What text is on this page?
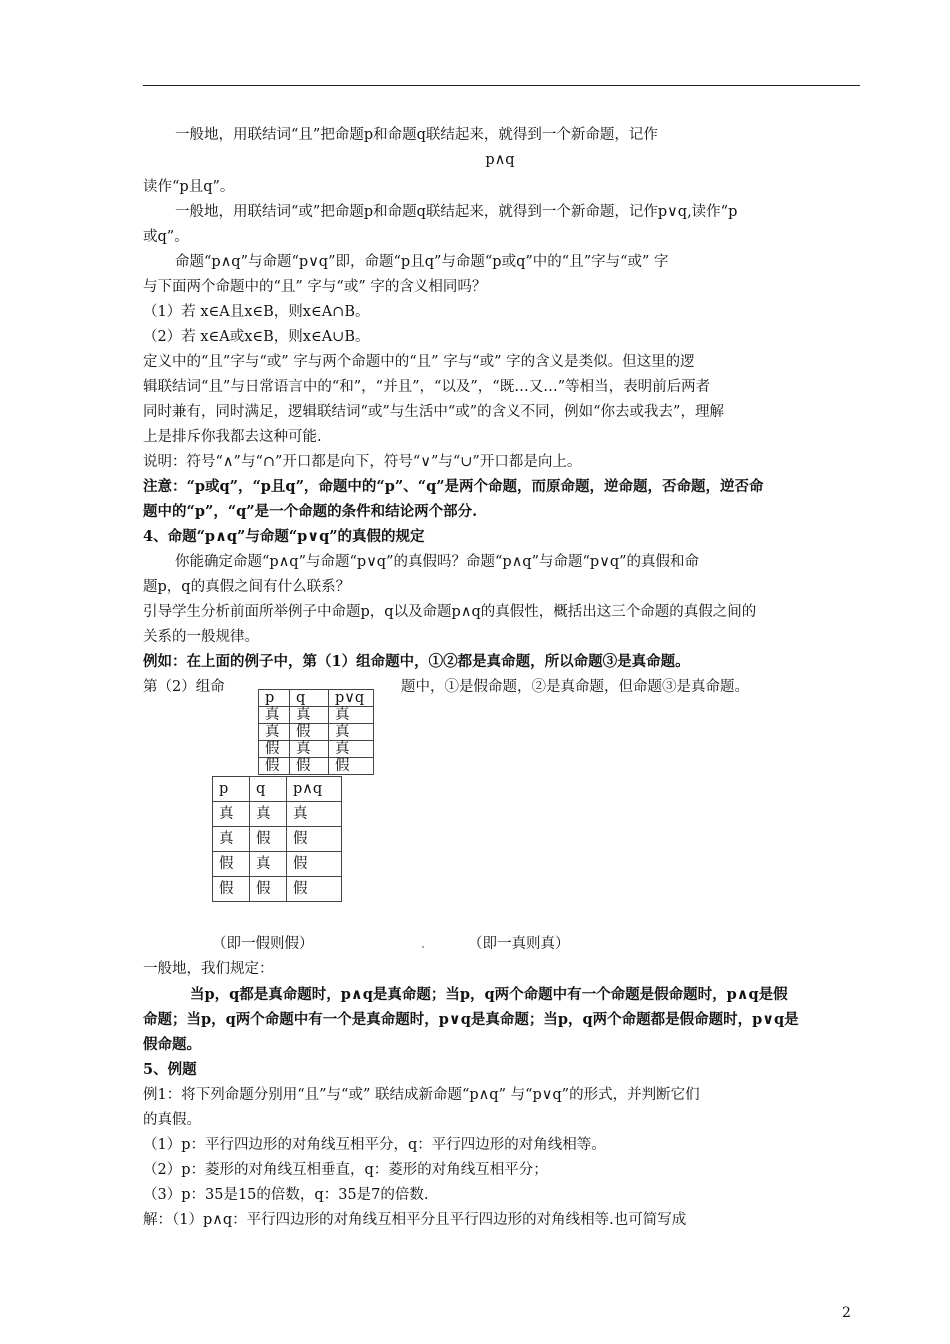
一般地，用联结词“且”把命题p和命题q联结起来，就得到一个新命题，记作
p∧q
读作“p且q”。
一般地，用联结词“或”把命题p和命题q联结起来，就得到一个新命题，记作p∨q,读作“p
或q”。
命题“p∧q”与命题“p∨q”即，命题“p且q”与命题“p或q”中的“且”字与“或” 字
与下面两个命题中的“且” 字与“或” 字的含义相同吗？
（1）若 x∈A且x∈B，则x∈A∩B。
（2）若 x∈A或x∈B，则x∈A∪B。
定义中的“且”字与“或” 字与两个命题中的“且” 字与“或” 字的含义是类似。但这里的逻
辑联结词“且”与日常语言中的“和”，“并且”，“以及”，“既…又…”等相当，表明前后两者
同时兼有，同时满足，逻辑联结词“或”与生活中“或”的含义不同，例如“你去或我去”，理解
上是排斥你我都去这种可能.
说明：符号“∧”与“∩”开口都是向下，符号“∨”与“∪”开口都是向上。
注意：“p或q”，“p且q”，命题中的“p”、“q”是两个命题，而原命题，逆命题，否命题，逆否命
题中的“p”，“q”是一个命题的条件和结论两个部分.
4、命题“p∧q”与命题“p∨q”的真假的规定
你能确定命题“p∧q”与命题“p∨q”的真假吗？命题“p∧q”与命题“p∨q”的真假和命
题p，q的真假之间有什么联系？
引导学生分析前面所举例子中命题p，q以及命题p∧q的真假性，概括出这三个命题的真假之间的
关系的一般规律。
例如：在上面的例子中，第（1）组命题中，①②都是真命题，所以命题③是真命题。
第（2）组命	题中，①是假命题，②是真命题，但命题③是真命题。
p	q	p∨q
真	真	真
真	假	真
假	真	真
假	假	假
p	q	p∧q
真	真	真
真	假	假
假	真	假
假	假	假
（即一假则假）	（即一真则真）
一般地，我们规定：
当p，q都是真命题时，p∧q是真命题；当p，q两个命题中有一个命题是假命题时，p∧q是假
命题；当p，q两个命题中有一个是真命题时，p∨q是真命题；当p，q两个命题都是假命题时，p∨q是
假命题。
5、例题
例1：将下列命题分别用“且”与“或” 联结成新命题“p∧q” 与“p∨q”的形式，并判断它们
的真假。
（1）p：平行四边形的对角线互相平分，q：平行四边形的对角线相等。
（2）p：菱形的对角线互相垂直，q：菱形的对角线互相平分；
（3）p：35是15的倍数，q：35是7的倍数.
解：（1）p∧q：平行四边形的对角线互相平分且平行四边形的对角线相等.也可简写成
2
